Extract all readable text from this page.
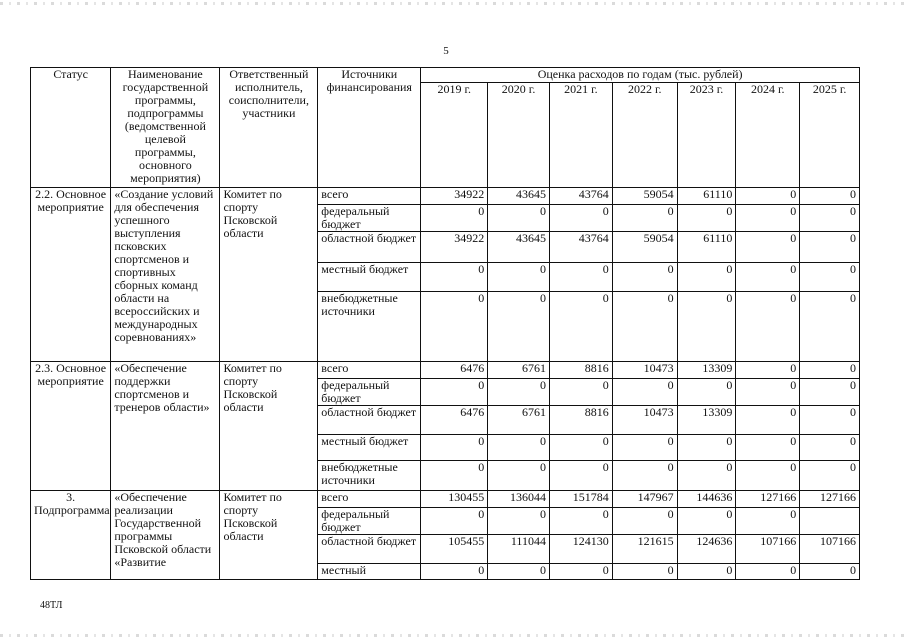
5
Статус	Наименование государственной программы, подпрограммы (ведомственной целевой программы, основного мероприятия)	Ответственный исполнитель, соисполнители, участники	Источники финансирования	Оценка расходов по годам (тыс. рублей)						
				2019 г.	2020 г.	2021 г.	2022 г.	2023 г.	2024 г.	2025 г.
2.2. Основное мероприятие	«Создание условий для обеспечения успешного выступления псковских спортсменов и спортивных сборных команд области на всероссийских и международных соревнованиях»	Комитет по спорту Псковской области	всего	34922	43645	43764	59054	61110	0	0
			федеральный бюджет	0	0	0	0	0	0	0
			областной бюджет	34922	43645	43764	59054	61110	0	0
			местный бюджет	0	0	0	0	0	0	0
			внебюджетные источники	0	0	0	0	0	0	0
2.3. Основное мероприятие	«Обеспечение поддержки спортсменов и тренеров области»	Комитет по спорту Псковской области	всего	6476	6761	8816	10473	13309	0	0
			федеральный бюджет	0	0	0	0	0	0	0
			областной бюджет	6476	6761	8816	10473	13309	0	0
			местный бюджет	0	0	0	0	0	0	0
			внебюджетные источники	0	0	0	0	0	0	0
3. Подпрограмма	«Обеспечение реализации Государственной программы Псковской области «Развитие	Комитет по спорту Псковской области	всего	130455	136044	151784	147967	144636	127166	127166
			федеральный бюджет	0	0	0	0	0	0	
			областной бюджет	105455	111044	124130	121615	124636	107166	107166
			местный	0	0	0	0	0	0	0
48ТЛ
